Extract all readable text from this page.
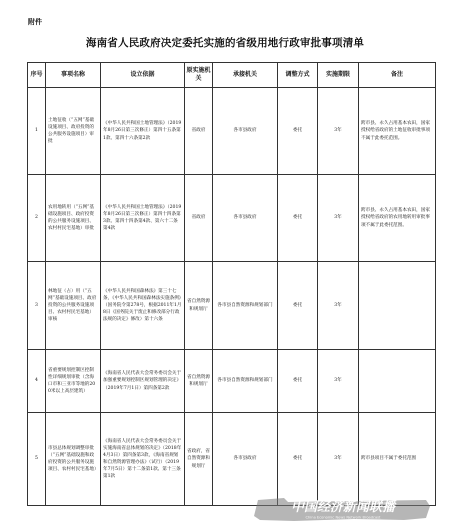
附件
海南省人民政府决定委托实施的省级用地行政审批事项清单
序号	事项名称	设立依据	原实施机关	承接机关	调整方式	实施期限	备注
1	土地征收（“五网”基础设施项目、政府投资的公共服务设施项目）审批	《中华人民共和国土地管理法》（2019年8月26日第三次修正）第四十五条第1款、第四十六条第2款	省政府	各市县政府	委托	3年	跨市县、永久占用基本农田，国家授权给省政府的土地征收审批事项不属于此委托范围。
2	农用地转用（“五网”基础设施项目、政府投资的公共服务设施项目、农村村民宅基地）审批	《中华人民共和国土地管理法》（2019年8月26日第三次修正）第四十四条第3款、第四十四条第4款、第六十二条第4款	省政府	各市县政府	委托	3年	跨市县、永久占用基本农田，国家授权给省政府的农用地转用审批事项不属于此委托范围。
3	林地征（占）用（“五网”基础设施项目、政府投资的公共服务设施项目、农村村民宅基地）审核	《中华人民共和国森林法》第三十七条，《中华人民共和国森林法实施条例》（国务院令第278号，根据2011年1月8日《国务院关于废止和修改部分行政法规的决定》修改）第十六条	省自然资源和规划厅	各市县自然资源和规划部门	委托	3年	
4	省重要规划控制区控制性详细规划审批（含海口市和三亚市等地的200米以上高层建筑）	《海南省人民代表大会常务委员会关于加强重要规划控制区规划管理的决定》（2019年7月1日）第四条第2款	省自然资源和规划厅	各市县自然资源和规划部门	委托	3年	
5	市县总体规划调整审批（“五网”基础设施和政府投资的公共服务设施项目、农村村民宅基地）	《海南省人民代表大会常务委员会关于实施海南省总体规划的决定》（2018年4月3日）第四条第3款，《海南省规划和自然资源管理办法》（试行）（2019年7月5日）第十二条第1款、第十三条第1款	省政府，省自然资源和规划厅	各市县政府	委托	3年	跨市县项目不属于委托范围
中国经济新闻联播
China Economic News Network Broadcast
